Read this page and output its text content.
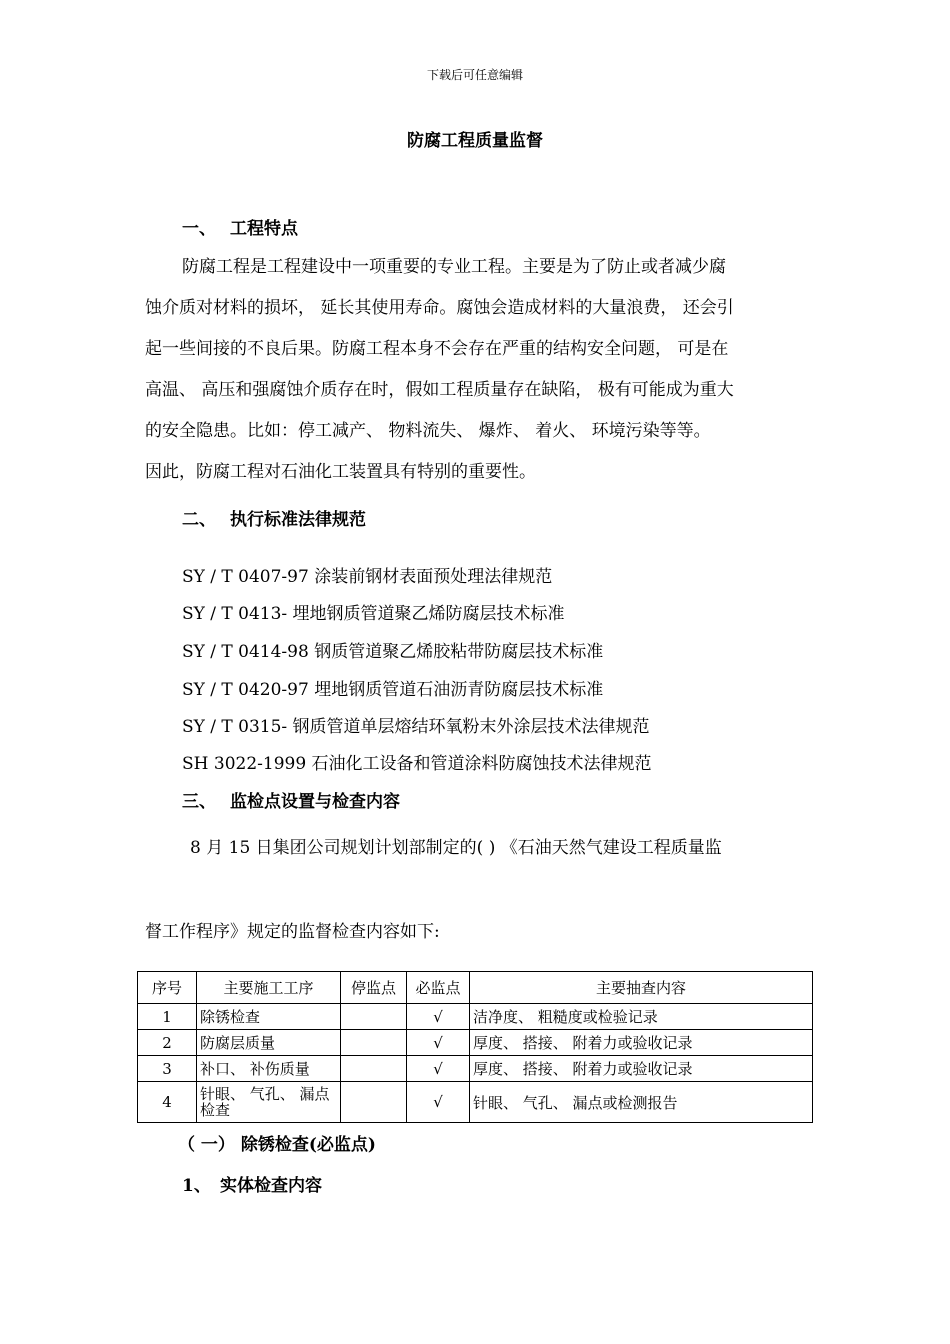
下载后可任意编辑
防腐工程质量监督
一、 工程特点
防腐工程是工程建设中一项重要的专业工程。主要是为了防止或者减少腐
蚀介质对材料的损坏， 延长其使用寿命。腐蚀会造成材料的大量浪费， 还会引
起一些间接的不良后果。防腐工程本身不会存在严重的结构安全问题， 可是在
高温、 高压和强腐蚀介质存在时，假如工程质量存在缺陷， 极有可能成为重大
的安全隐患。比如：停工减产、 物料流失、 爆炸、 着火、 环境污染等等。
因此，防腐工程对石油化工装置具有特别的重要性。
二、 执行标准法律规范
SY / T 0407-97 涂装前钢材表面预处理法律规范
SY / T 0413- 埋地钢质管道聚乙烯防腐层技术标准
SY / T 0414-98 钢质管道聚乙烯胶粘带防腐层技术标准
SY / T 0420-97 埋地钢质管道石油沥青防腐层技术标准
SY / T 0315- 钢质管道单层熔结环氧粉末外涂层技术法律规范
SH 3022-1999 石油化工设备和管道涂料防腐蚀技术法律规范
三、 监检点设置与检查内容
8 月 15 日集团公司规划计划部制定的( ) 《石油天然气建设工程质量监
督工作程序》规定的监督检查内容如下:
序号	主要施工工序	停监点	必监点	主要抽查内容
1	除锈检查		√	洁净度、 粗糙度或检验记录
2	防腐层质量		√	厚度、 搭接、 附着力或验收记录
3	补口、 补伤质量		√	厚度、 搭接、 附着力或验收记录
4	针眼、 气孔、 漏点检查		√	针眼、 气孔、 漏点或检测报告
（ 一） 除锈检查(必监点)
1、 实体检查内容
